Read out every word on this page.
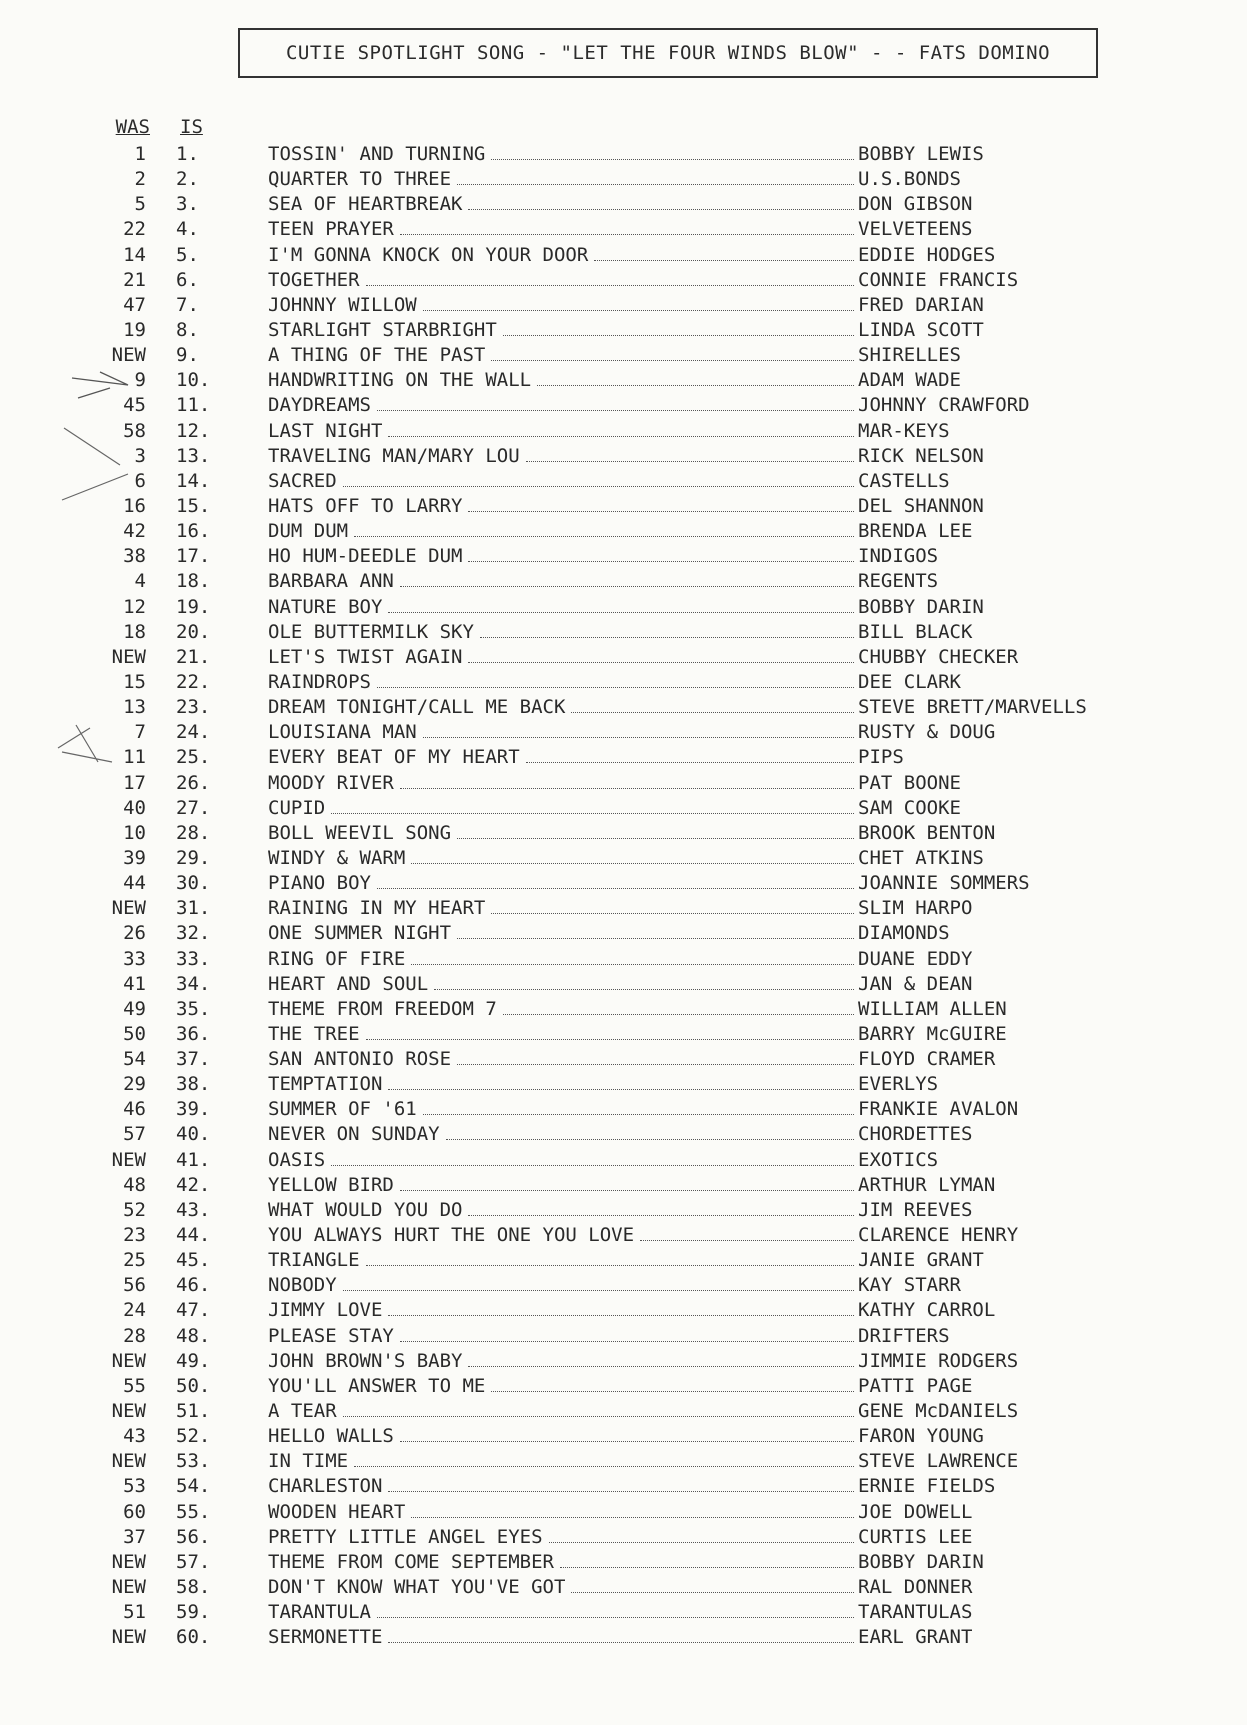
CUTIE SPOTLIGHT SONG - "LET THE FOUR WINDS BLOW" - - FATS DOMINO
WAS IS
1 1.	TOSSIN' AND TURNING	BOBBY LEWIS
2 2.	QUARTER TO THREE	U.S.BONDS
5 3.	SEA OF HEARTBREAK	DON GIBSON
22 4.	TEEN PRAYER	VELVETEENS
14 5.	I'M GONNA KNOCK ON YOUR DOOR	EDDIE HODGES
21 6.	TOGETHER	CONNIE FRANCIS
47 7.	JOHNNY WILLOW	FRED DARIAN
19 8.	STARLIGHT STARBRIGHT	LINDA SCOTT
NEW 9.	A THING OF THE PAST	SHIRELLES
9 10.	HANDWRITING ON THE WALL	ADAM WADE
45 11.	DAYDREAMS	JOHNNY CRAWFORD
58 12.	LAST NIGHT	MAR-KEYS
3 13.	TRAVELING MAN/MARY LOU	RICK NELSON
6 14.	SACRED	CASTELLS
16 15.	HATS OFF TO LARRY	DEL SHANNON
42 16.	DUM DUM	BRENDA LEE
38 17.	HO HUM-DEEDLE DUM	INDIGOS
4 18.	BARBARA ANN	REGENTS
12 19.	NATURE BOY	BOBBY DARIN
18 20.	OLE BUTTERMILK SKY	BILL BLACK
NEW 21.	LET'S TWIST AGAIN	CHUBBY CHECKER
15 22.	RAINDROPS	DEE CLARK
13 23.	DREAM TONIGHT/CALL ME BACK	STEVE BRETT/MARVELLS
7 24.	LOUISIANA MAN	RUSTY & DOUG
11 25.	EVERY BEAT OF MY HEART	PIPS
17 26.	MOODY RIVER	PAT BOONE
40 27.	CUPID	SAM COOKE
10 28.	BOLL WEEVIL SONG	BROOK BENTON
39 29.	WINDY & WARM	CHET ATKINS
44 30.	PIANO BOY	JOANNIE SOMMERS
NEW 31.	RAINING IN MY HEART	SLIM HARPO
26 32.	ONE SUMMER NIGHT	DIAMONDS
33 33.	RING OF FIRE	DUANE EDDY
41 34.	HEART AND SOUL	JAN & DEAN
49 35.	THEME FROM FREEDOM 7	WILLIAM ALLEN
50 36.	THE TREE	BARRY McGUIRE
54 37.	SAN ANTONIO ROSE	FLOYD CRAMER
29 38.	TEMPTATION	EVERLYS
46 39.	SUMMER OF '61	FRANKIE AVALON
57 40.	NEVER ON SUNDAY	CHORDETTES
NEW 41.	OASIS	EXOTICS
48 42.	YELLOW BIRD	ARTHUR LYMAN
52 43.	WHAT WOULD YOU DO	JIM REEVES
23 44.	YOU ALWAYS HURT THE ONE YOU LOVE	CLARENCE HENRY
25 45.	TRIANGLE	JANIE GRANT
56 46.	NOBODY	KAY STARR
24 47.	JIMMY LOVE	KATHY CARROL
28 48.	PLEASE STAY	DRIFTERS
NEW 49.	JOHN BROWN'S BABY	JIMMIE RODGERS
55 50.	YOU'LL ANSWER TO ME	PATTI PAGE
NEW 51.	A TEAR	GENE McDANIELS
43 52.	HELLO WALLS	FARON YOUNG
NEW 53.	IN TIME	STEVE LAWRENCE
53 54.	CHARLESTON	ERNIE FIELDS
60 55.	WOODEN HEART	JOE DOWELL
37 56.	PRETTY LITTLE ANGEL EYES	CURTIS LEE
NEW 57.	THEME FROM COME SEPTEMBER	BOBBY DARIN
NEW 58.	DON'T KNOW WHAT YOU'VE GOT	RAL DONNER
51 59.	TARANTULA	TARANTULAS
NEW 60.	SERMONETTE	EARL GRANT
